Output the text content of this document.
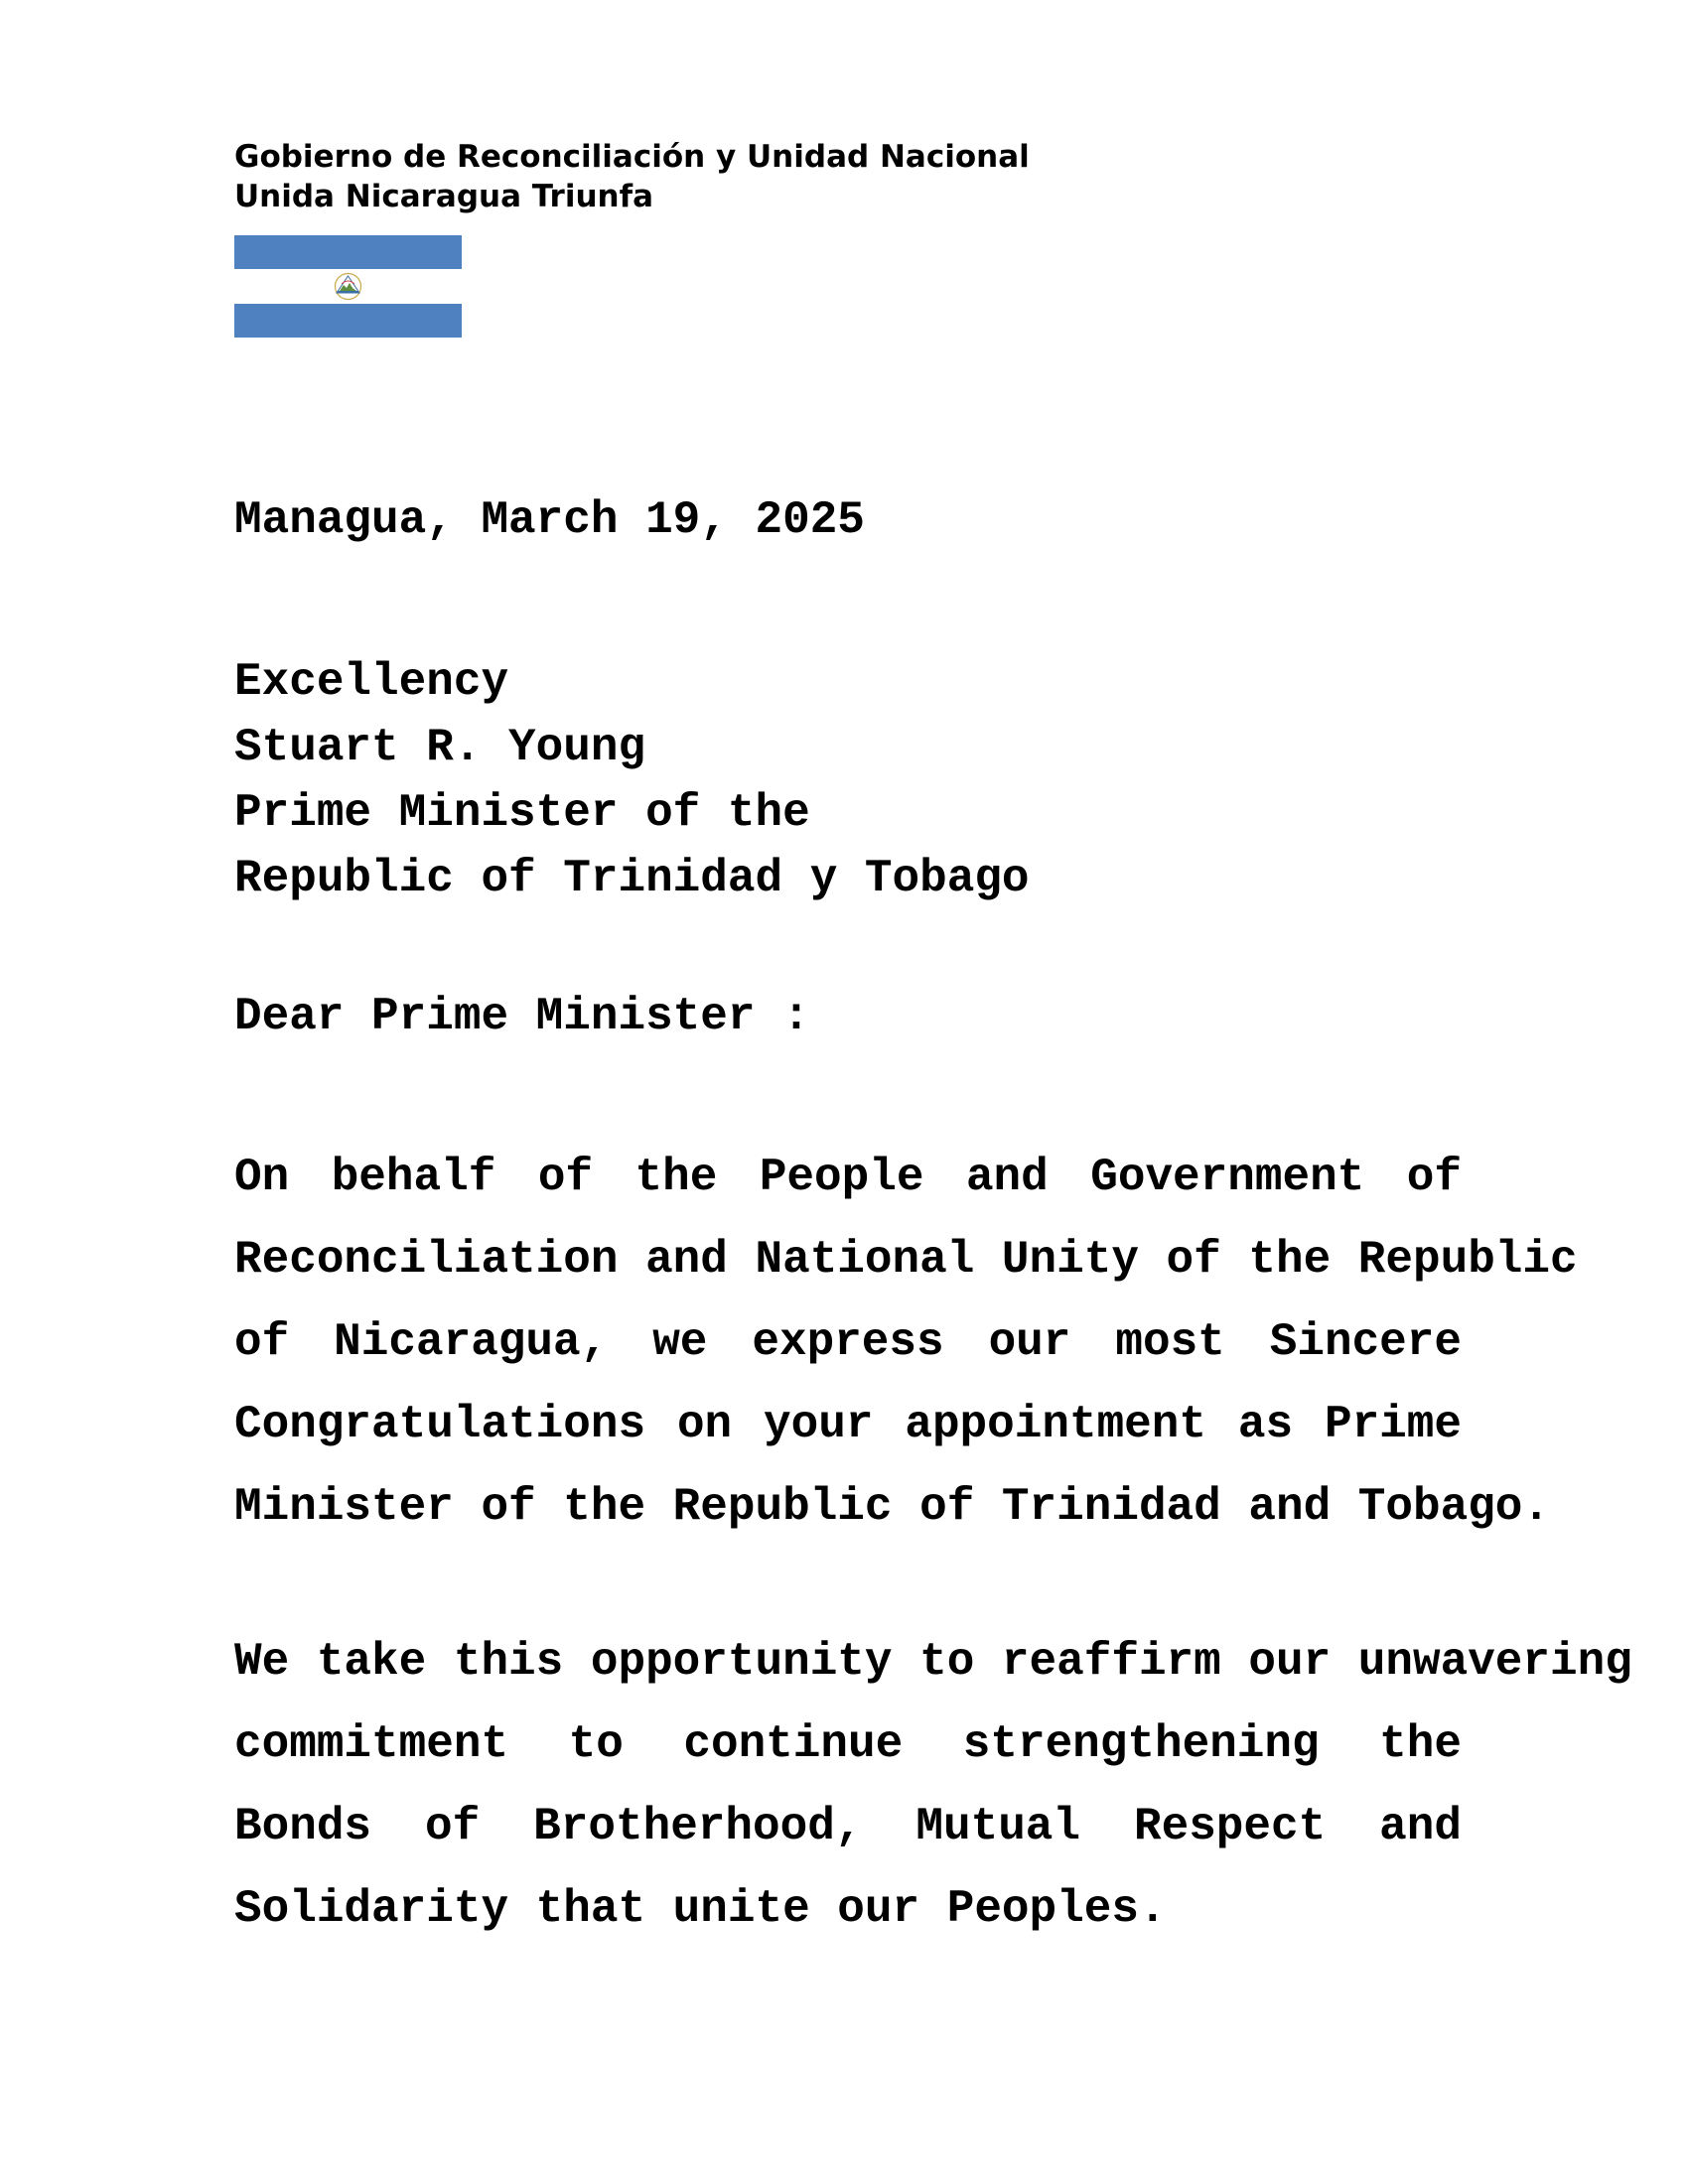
Gobierno de Reconciliación y Unidad Nacional
Unida Nicaragua Triunfa
Managua, March 19, 2025
Excellency
Stuart R. Young
Prime Minister of the
Republic of Trinidad y Tobago
Dear Prime Minister :
On behalf of the People and Government of
Reconciliation and National Unity of the Republic
of Nicaragua, we express our most Sincere
Congratulations on your appointment as Prime
Minister of the Republic of Trinidad and Tobago.
We take this opportunity to reaffirm our unwavering
commitment to continue strengthening the
Bonds of Brotherhood, Mutual Respect and
Solidarity that unite our Peoples.
